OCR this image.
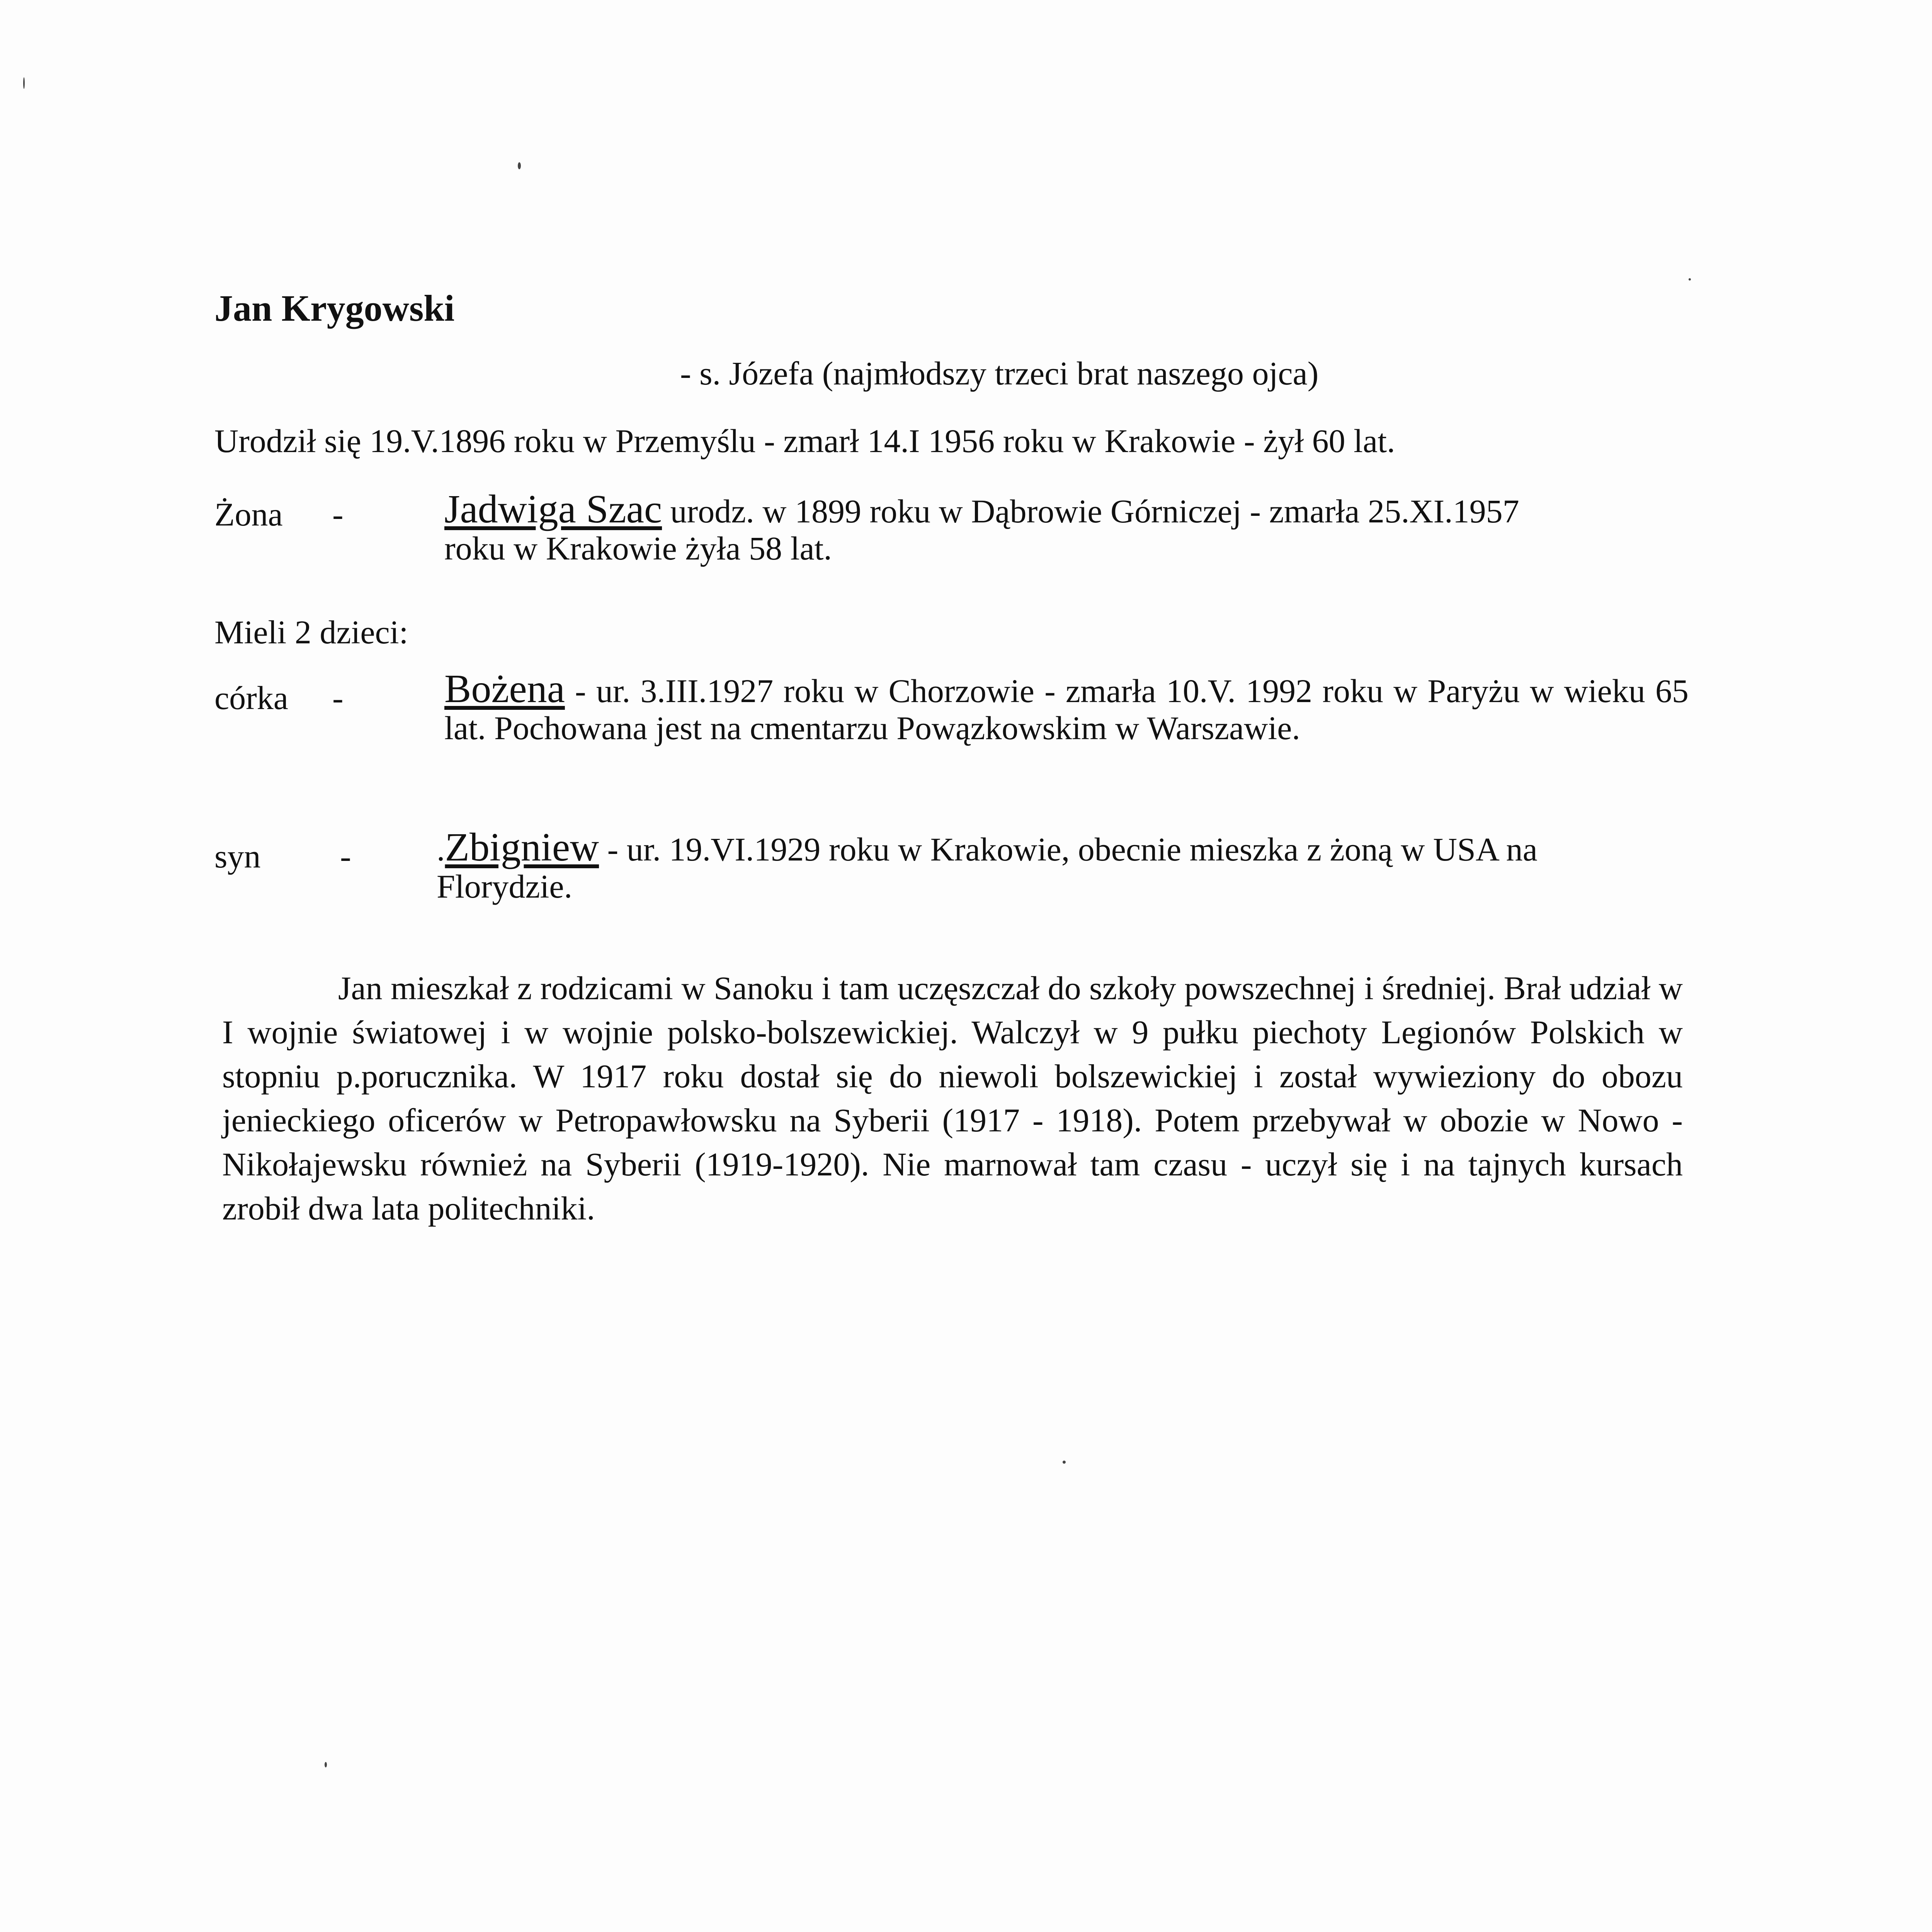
Jan Krygowski
- s. Józefa (najmłodszy trzeci brat naszego ojca)
Urodził się 19.V.1896 roku w Przemyślu - zmarł 14.I 1956 roku w Krakowie - żył 60 lat.
Żona -	Jadwiga Szac urodz. w 1899 roku w Dąbrowie Górniczej - zmarła 25.XI.1957 roku w Krakowie żyła 58 lat.
Mieli 2 dzieci:
córka -	Bożena - ur. 3.III.1927 roku w Chorzowie - zmarła 10.V. 1992 roku w Paryżu w wieku 65 lat. Pochowana jest na cmentarzu Powązkowskim w Warszawie.
syn -	.Zbigniew - ur. 19.VI.1929 roku w Krakowie, obecnie mieszka z żoną w USA na Florydzie.
Jan mieszkał z rodzicami w Sanoku i tam uczęszczał do szkoły powszechnej i średniej. Brał udział w I wojnie światowej i w wojnie polsko-bolszewickiej. Walczył w 9 pułku piechoty Legionów Polskich w stopniu p.porucznika. W 1917 roku dostał się do niewoli bolszewickiej i został wywieziony do obozu jenieckiego oficerów w Petropawłowsku na Syberii (1917 - 1918). Potem przebywał w obozie w Nowo - Nikołajewsku również na Syberii (1919-1920). Nie marnował tam czasu - uczył się i na tajnych kursach zrobił dwa lata politechniki.
